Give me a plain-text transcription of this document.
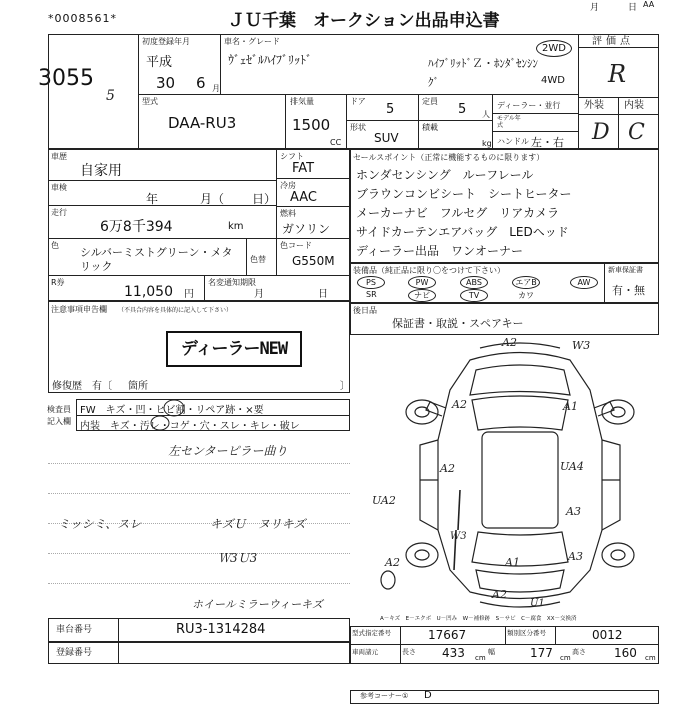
*0008561*	ＪＵ千葉　オークション出品申込書
月	日 AA
3055
5
初度登録年月
平成
30 6 月
車名・グレード
ｳﾞｪｾﾞﾙﾊｲﾌﾞﾘｯﾄﾞ	ﾊｲﾌﾞﾘｯﾄﾞＺ・ﾎﾝﾀﾞｾﾝｼﾝｸﾞ
2WD
4WD
評価点
R
外装 内装
D C
型式
DAA-RU3
排気量
1500
CC
ドア
5
形状
SUV
定員
5 人
積載
kg
ディーラー・並行
モデル年式
ハンドル 左・右
車歴
自家用
車検
年	月（ 日）
走行
6万8千394	km
色
シルバーミストグリーン・メタリック
色替
シフト
FAT
冷房
AAC
燃料
ガソリン
色コード
G550M
R券
11,050 円
名変通知期限
月	日
セールスポイント（正常に機能するものに限ります）
ホンダセンシング　ルーフレール
ブラウンコンビシート　シートヒーター
メーカーナビ　フルセグ　リアカメラ
サイドカーテンエアバッグ　LEDヘッド
ディーラー出品　ワンオーナー
装備品（純正品に限り〇をつけて下さい）
PS	PW	ABS	エアB	AW
SR	ナビ	TV	カワ
新車保証書
有・無
後日品
保証書・取説・スペアキー
注意事項申告欄 （不具合内容を具体的に記入して下さい）
ディーラーNEW
修復歴　有〔 箇所	〕
検査員
記入欄
FW　キズ・凹・ヒビ割・リペア跡・×要
内装　キズ・汚レ・コゲ・穴・スレ・キレ・破レ
左センターピラー曲り
ミッシミ、スレ	キズＵ　ヌリキズ
Ｗ3Ｕ3
ホイールミラーウィーキズ
A2	W3
A2	A1
A2	UA4
UA2
A3
A2	A1	A3
A2
W3
U1
A－キズ　E－エクボ　U－凹み　W－補修跡　S－サビ　C－腐食　XX－交換済
車台番号	RU3-1314284
登録番号
型式指定番号	17667	類別区分番号	0012
車両諸元	長さ 433 cm
幅	177 cm
高さ 160 cm
参考コーナー① D
